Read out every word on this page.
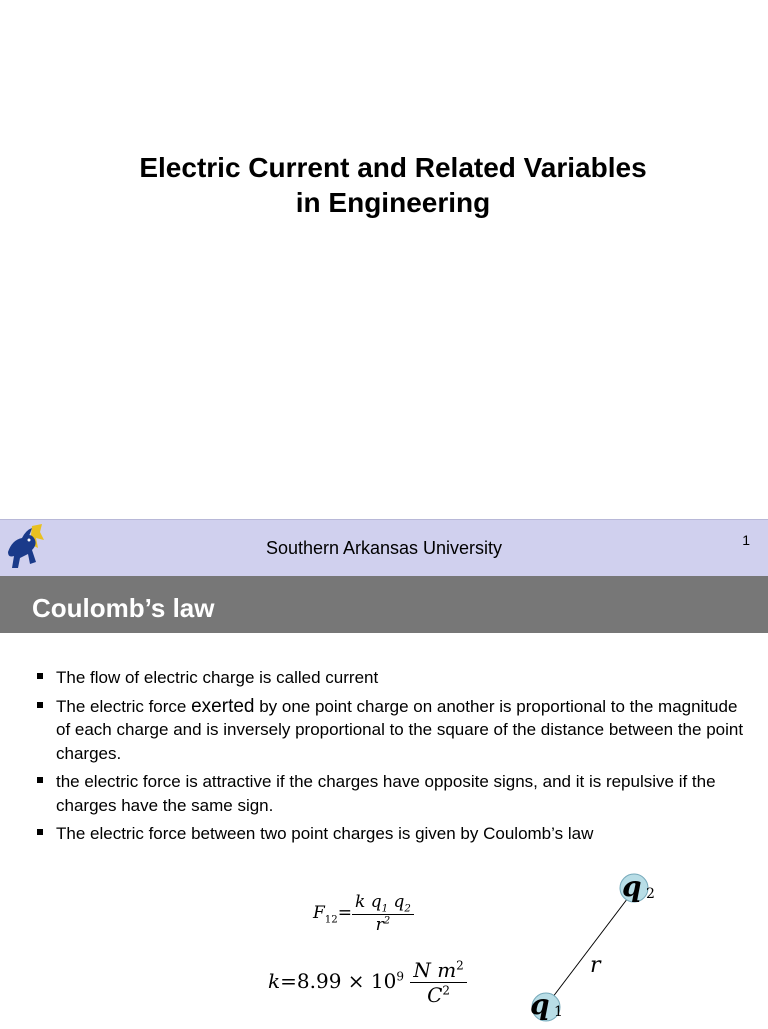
Electric Current and Related Variables
in Engineering
Southern Arkansas University	1
Coulomb’s law
The flow of electric charge is called current
The electric force exerted by one point charge on another is proportional to the magnitude of each charge and is inversely proportional to the square of the distance between the point charges.
the electric force is attractive if the charges have opposite signs, and it is repulsive if the charges have the same sign.
The electric force between two point charges is given by Coulomb’s law
$F_{12}= \frac{k q_1 q_2}{r^2}$
$k=8.99 \times 10^9 \frac{N m^2}{C^2}$
q 2
q 1
r
